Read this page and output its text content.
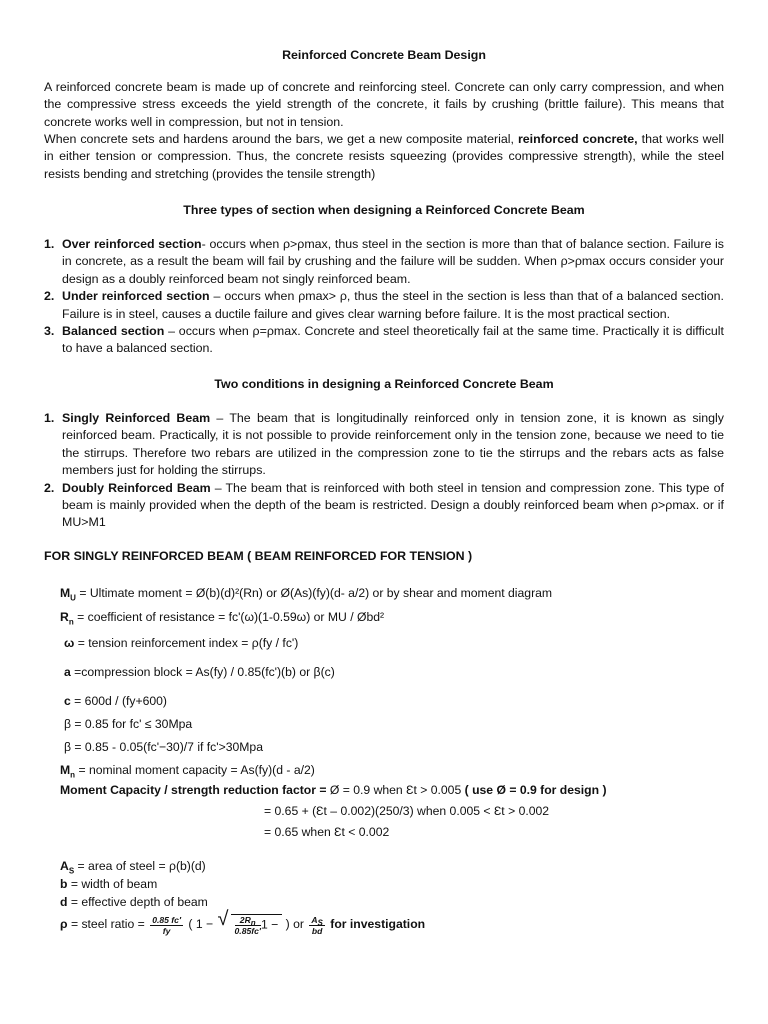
Reinforced Concrete Beam Design
A reinforced concrete beam is made up of concrete and reinforcing steel. Concrete can only carry compression, and when the compressive stress exceeds the yield strength of the concrete, it fails by crushing (brittle failure). This means that concrete works well in compression, but not in tension.
When concrete sets and hardens around the bars, we get a new composite material, reinforced concrete, that works well in either tension or compression. Thus, the concrete resists squeezing (provides compressive strength), while the steel resists bending and stretching (provides the tensile strength)
Three types of section when designing a Reinforced Concrete Beam
1. Over reinforced section- occurs when ρ>ρmax, thus steel in the section is more than that of balance section. Failure is in concrete, as a result the beam will fail by crushing and the failure will be sudden. When ρ>ρmax occurs consider your design as a doubly reinforced beam not singly reinforced beam.
2. Under reinforced section – occurs when ρmax> ρ, thus the steel in the section is less than that of a balanced section. Failure is in steel, causes a ductile failure and gives clear warning before failure. It is the most practical section.
3. Balanced section – occurs when ρ=ρmax. Concrete and steel theoretically fail at the same time. Practically it is difficult to have a balanced section.
Two conditions in designing a Reinforced Concrete Beam
1. Singly Reinforced Beam – The beam that is longitudinally reinforced only in tension zone, it is known as singly reinforced beam. Practically, it is not possible to provide reinforcement only in the tension zone, because we need to tie the stirrups. Therefore two rebars are utilized in the compression zone to tie the stirrups and the rebars acts as false members just for holding the stirrups.
2. Doubly Reinforced Beam – The beam that is reinforced with both steel in tension and compression zone. This type of beam is mainly provided when the depth of the beam is restricted. Design a doubly reinforced beam when ρ>ρmax. or if MU>M1
FOR SINGLY REINFORCED BEAM ( BEAM REINFORCED FOR TENSION )
$M_U$ = Ultimate moment = Ø(b)(d)²(Rn) or Ø(As)(fy)(d- a/2) or by shear and moment diagram
$R_n$ = coefficient of resistance = fc'(ω)(1-0.59ω) or MU / Øbd²
ω = tension reinforcement index = ρ(fy / fc')
a =compression block = As(fy) / 0.85(fc')(b) or β(c)
c = 600d / (fy+600)
β = 0.85 for fc' ≤ 30Mpa
β = 0.85 - 0.05(fc'−30)/7 if fc'>30Mpa
$M_n$ = nominal moment capacity = As(fy)(d - a/2)
Moment Capacity / strength reduction factor = Ø = 0.9 when Ɛt > 0.005 ( use Ø = 0.9 for design )
= 0.65 + (Ɛt – 0.002)(250/3) when 0.005 < Ɛt > 0.002
= 0.65 when Ɛt < 0.002
$A_S$ = area of steel = ρ(b)(d)
b = width of beam
d = effective depth of beam
ρ = steel ratio = $\frac{0.85 fc'}{fy}$ ( 1 −
√ $\frac{2R_n}{0.85fc'} 1$ − ) or $\frac{A_S}{bd}$ for investigation
